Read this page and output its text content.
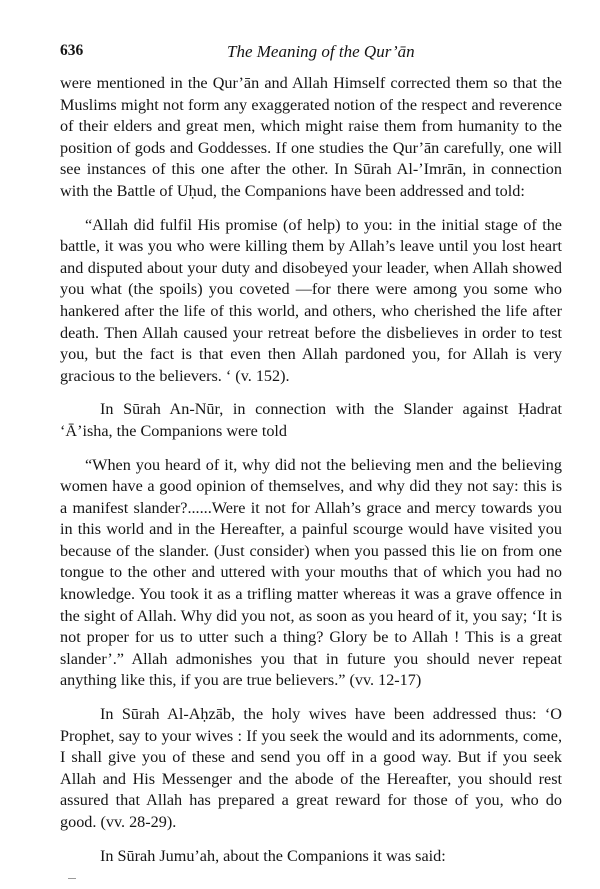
636	The Meaning of the Qur’ān

were mentioned in the Qur’ān and Allah Himself corrected them so that the Muslims might not form any exaggerated notion of the respect and reverence of their elders and great men, which might raise them from humanity to the position of gods and Goddesses. If one studies the Qur’ān carefully, one will see instances of this one after the other. In Sūrah Al-’Imrān, in connection with the Battle of Uḥud, the Companions have been addressed and told:

“Allah did fulfil His promise (of help) to you: in the initial stage of the battle, it was you who were killing them by Allah’s leave until you lost heart and disputed about your duty and disobeyed your leader, when Allah showed you what (the spoils) you coveted —for there were among you some who hankered after the life of this world, and others, who cherished the life after death. Then Allah caused your retreat before the disbelieves in order to test you, but the fact is that even then Allah pardoned you, for Allah is very gracious to the believers. ‘ (v. 152).

In Sūrah An-Nūr, in connection with the Slander against Ḥadrat ‘Ā’isha, the Companions were told

“When you heard of it, why did not the believing men and the believing women have a good opinion of themselves, and why did they not say: this is a manifest slander?......Were it not for Allah’s grace and mercy towards you in this world and in the Hereafter, a painful scourge would have visited you because of the slander. (Just consider) when you passed this lie on from one tongue to the other and uttered with your mouths that of which you had no knowledge. You took it as a trifling matter whereas it was a grave offence in the sight of Allah. Why did you not, as soon as you heard of it, you say; ‘It is not proper for us to utter such a thing? Glory be to Allah ! This is a great slander’.” Allah admonishes you that in future you should never repeat anything like this, if you are true believers.” (vv. 12-17)

In Sūrah Al-Aḥzāb, the holy wives have been addressed thus: ‘O Prophet, say to your wives : If you seek the would and its adornments, come, I shall give you of these and send you off in a good way. But if you seek Allah and His Messenger and the abode of the Hereafter, you should rest assured that Allah has prepared a great reward for those of you, who do good. (vv. 28-29).

In Sūrah Jumu’ah, about the Companions it was said:
